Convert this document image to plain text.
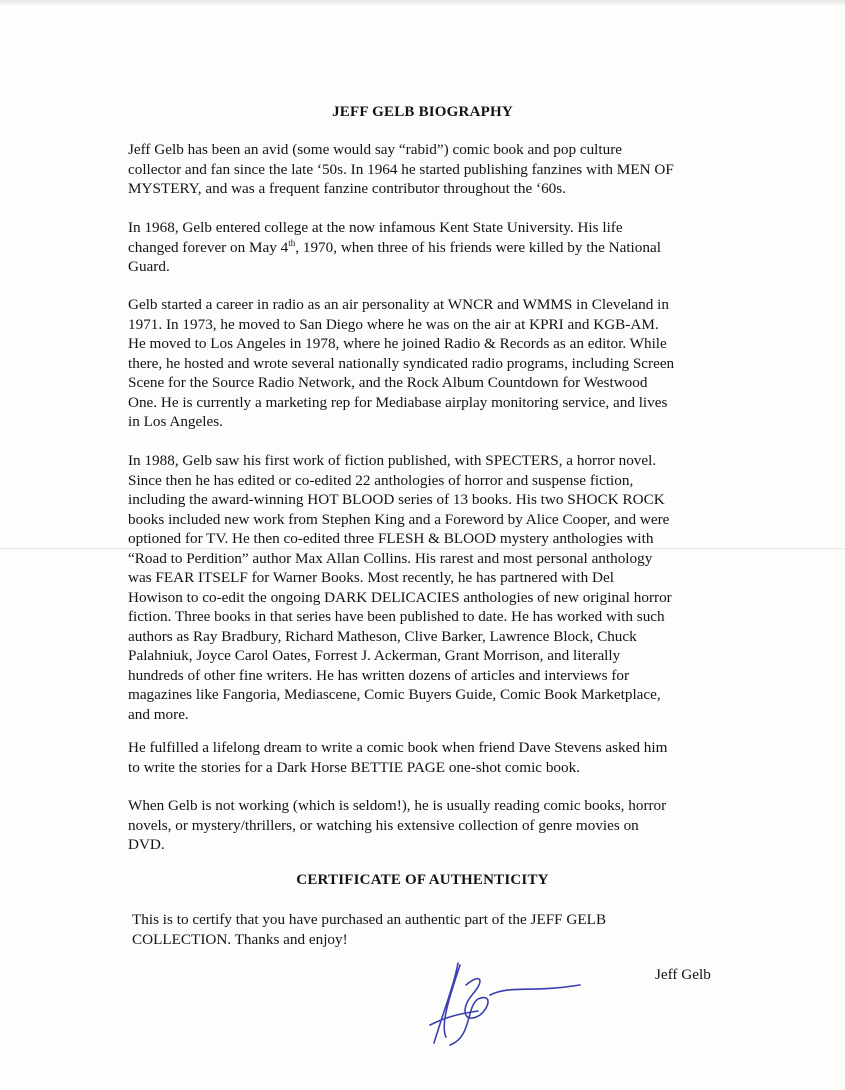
JEFF GELB BIOGRAPHY

Jeff Gelb has been an avid (some would say “rabid”) comic book and pop culture
collector and fan since the late ‘50s. In 1964 he started publishing fanzines with MEN OF
MYSTERY, and was a frequent fanzine contributor throughout the ‘60s.

In 1968, Gelb entered college at the now infamous Kent State University. His life
changed forever on May 4th, 1970, when three of his friends were killed by the National
Guard.

Gelb started a career in radio as an air personality at WNCR and WMMS in Cleveland in
1971. In 1973, he moved to San Diego where he was on the air at KPRI and KGB-AM.
He moved to Los Angeles in 1978, where he joined Radio & Records as an editor. While
there, he hosted and wrote several nationally syndicated radio programs, including Screen
Scene for the Source Radio Network, and the Rock Album Countdown for Westwood
One. He is currently a marketing rep for Mediabase airplay monitoring service, and lives
in Los Angeles.

In 1988, Gelb saw his first work of fiction published, with SPECTERS, a horror novel.
Since then he has edited or co-edited 22 anthologies of horror and suspense fiction,
including the award-winning HOT BLOOD series of 13 books. His two SHOCK ROCK
books included new work from Stephen King and a Foreword by Alice Cooper, and were
optioned for TV. He then co-edited three FLESH & BLOOD mystery anthologies with
“Road to Perdition” author Max Allan Collins. His rarest and most personal anthology
was FEAR ITSELF for Warner Books. Most recently, he has partnered with Del
Howison to co-edit the ongoing DARK DELICACIES anthologies of new original horror
fiction. Three books in that series have been published to date. He has worked with such
authors as Ray Bradbury, Richard Matheson, Clive Barker, Lawrence Block, Chuck
Palahniuk, Joyce Carol Oates, Forrest J. Ackerman, Grant Morrison, and literally
hundreds of other fine writers. He has written dozens of articles and interviews for
magazines like Fangoria, Mediascene, Comic Buyers Guide, Comic Book Marketplace,
and more.

He fulfilled a lifelong dream to write a comic book when friend Dave Stevens asked him
to write the stories for a Dark Horse BETTIE PAGE one-shot comic book.

When Gelb is not working (which is seldom!), he is usually reading comic books, horror
novels, or mystery/thrillers, or watching his extensive collection of genre movies on
DVD.

CERTIFICATE OF AUTHENTICITY

This is to certify that you have purchased an authentic part of the JEFF GELB
COLLECTION. Thanks and enjoy!

Jeff Gelb
